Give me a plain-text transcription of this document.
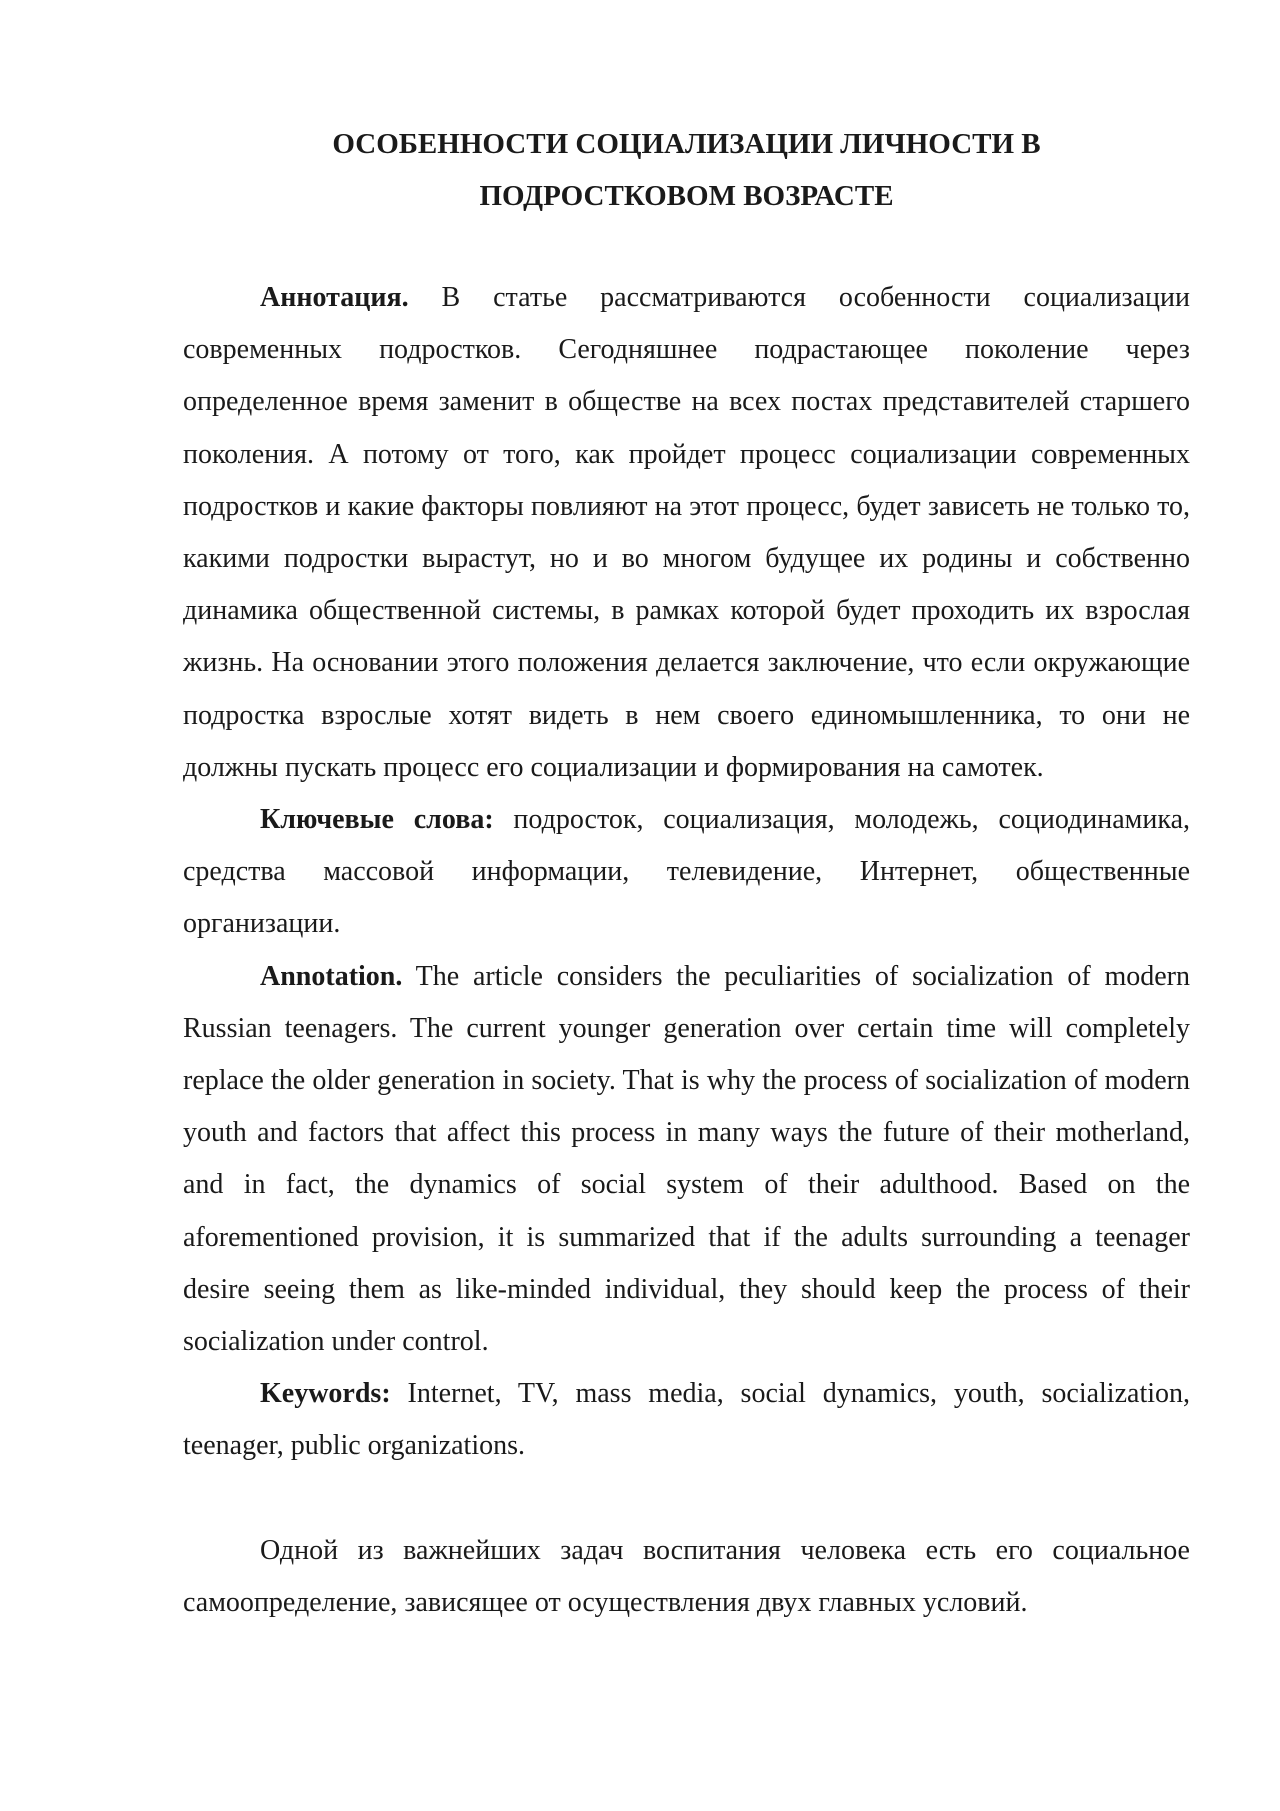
ОСОБЕННОСТИ СОЦИАЛИЗАЦИИ ЛИЧНОСТИ В
ПОДРОСТКОВОМ ВОЗРАСТЕ

Аннотация. В статье рассматриваются особенности социализации современных подростков. Сегодняшнее подрастающее поколение через определенное время заменит в обществе на всех постах представителей старшего поколения. А потому от того, как пройдет процесс социализации современных подростков и какие факторы повлияют на этот процесс, будет зависеть не только то, какими подростки вырастут, но и во многом будущее их родины и собственно динамика общественной системы, в рамках которой будет проходить их взрослая жизнь. На основании этого положения делается заключение, что если окружающие подростка взрослые хотят видеть в нем своего единомышленника, то они не должны пускать процесс его социализации и формирования на самотек.

Ключевые слова: подросток, социализация, молодежь, социодинамика, средства массовой информации, телевидение, Интернет, общественные организации.

Annotation. The article considers the peculiarities of socialization of modern Russian teenagers. The current younger generation over certain time will completely replace the older generation in society. That is why the process of socialization of modern youth and factors that affect this process in many ways the future of their motherland, and in fact, the dynamics of social system of their adulthood. Based on the aforementioned provision, it is summarized that if the adults surrounding a teenager desire seeing them as like-minded individual, they should keep the process of their socialization under control.

Keywords: Internet, TV, mass media, social dynamics, youth, socialization, teenager, public organizations.

Одной из важнейших задач воспитания человека есть его социальное самоопределение, зависящее от осуществления двух главных условий.
